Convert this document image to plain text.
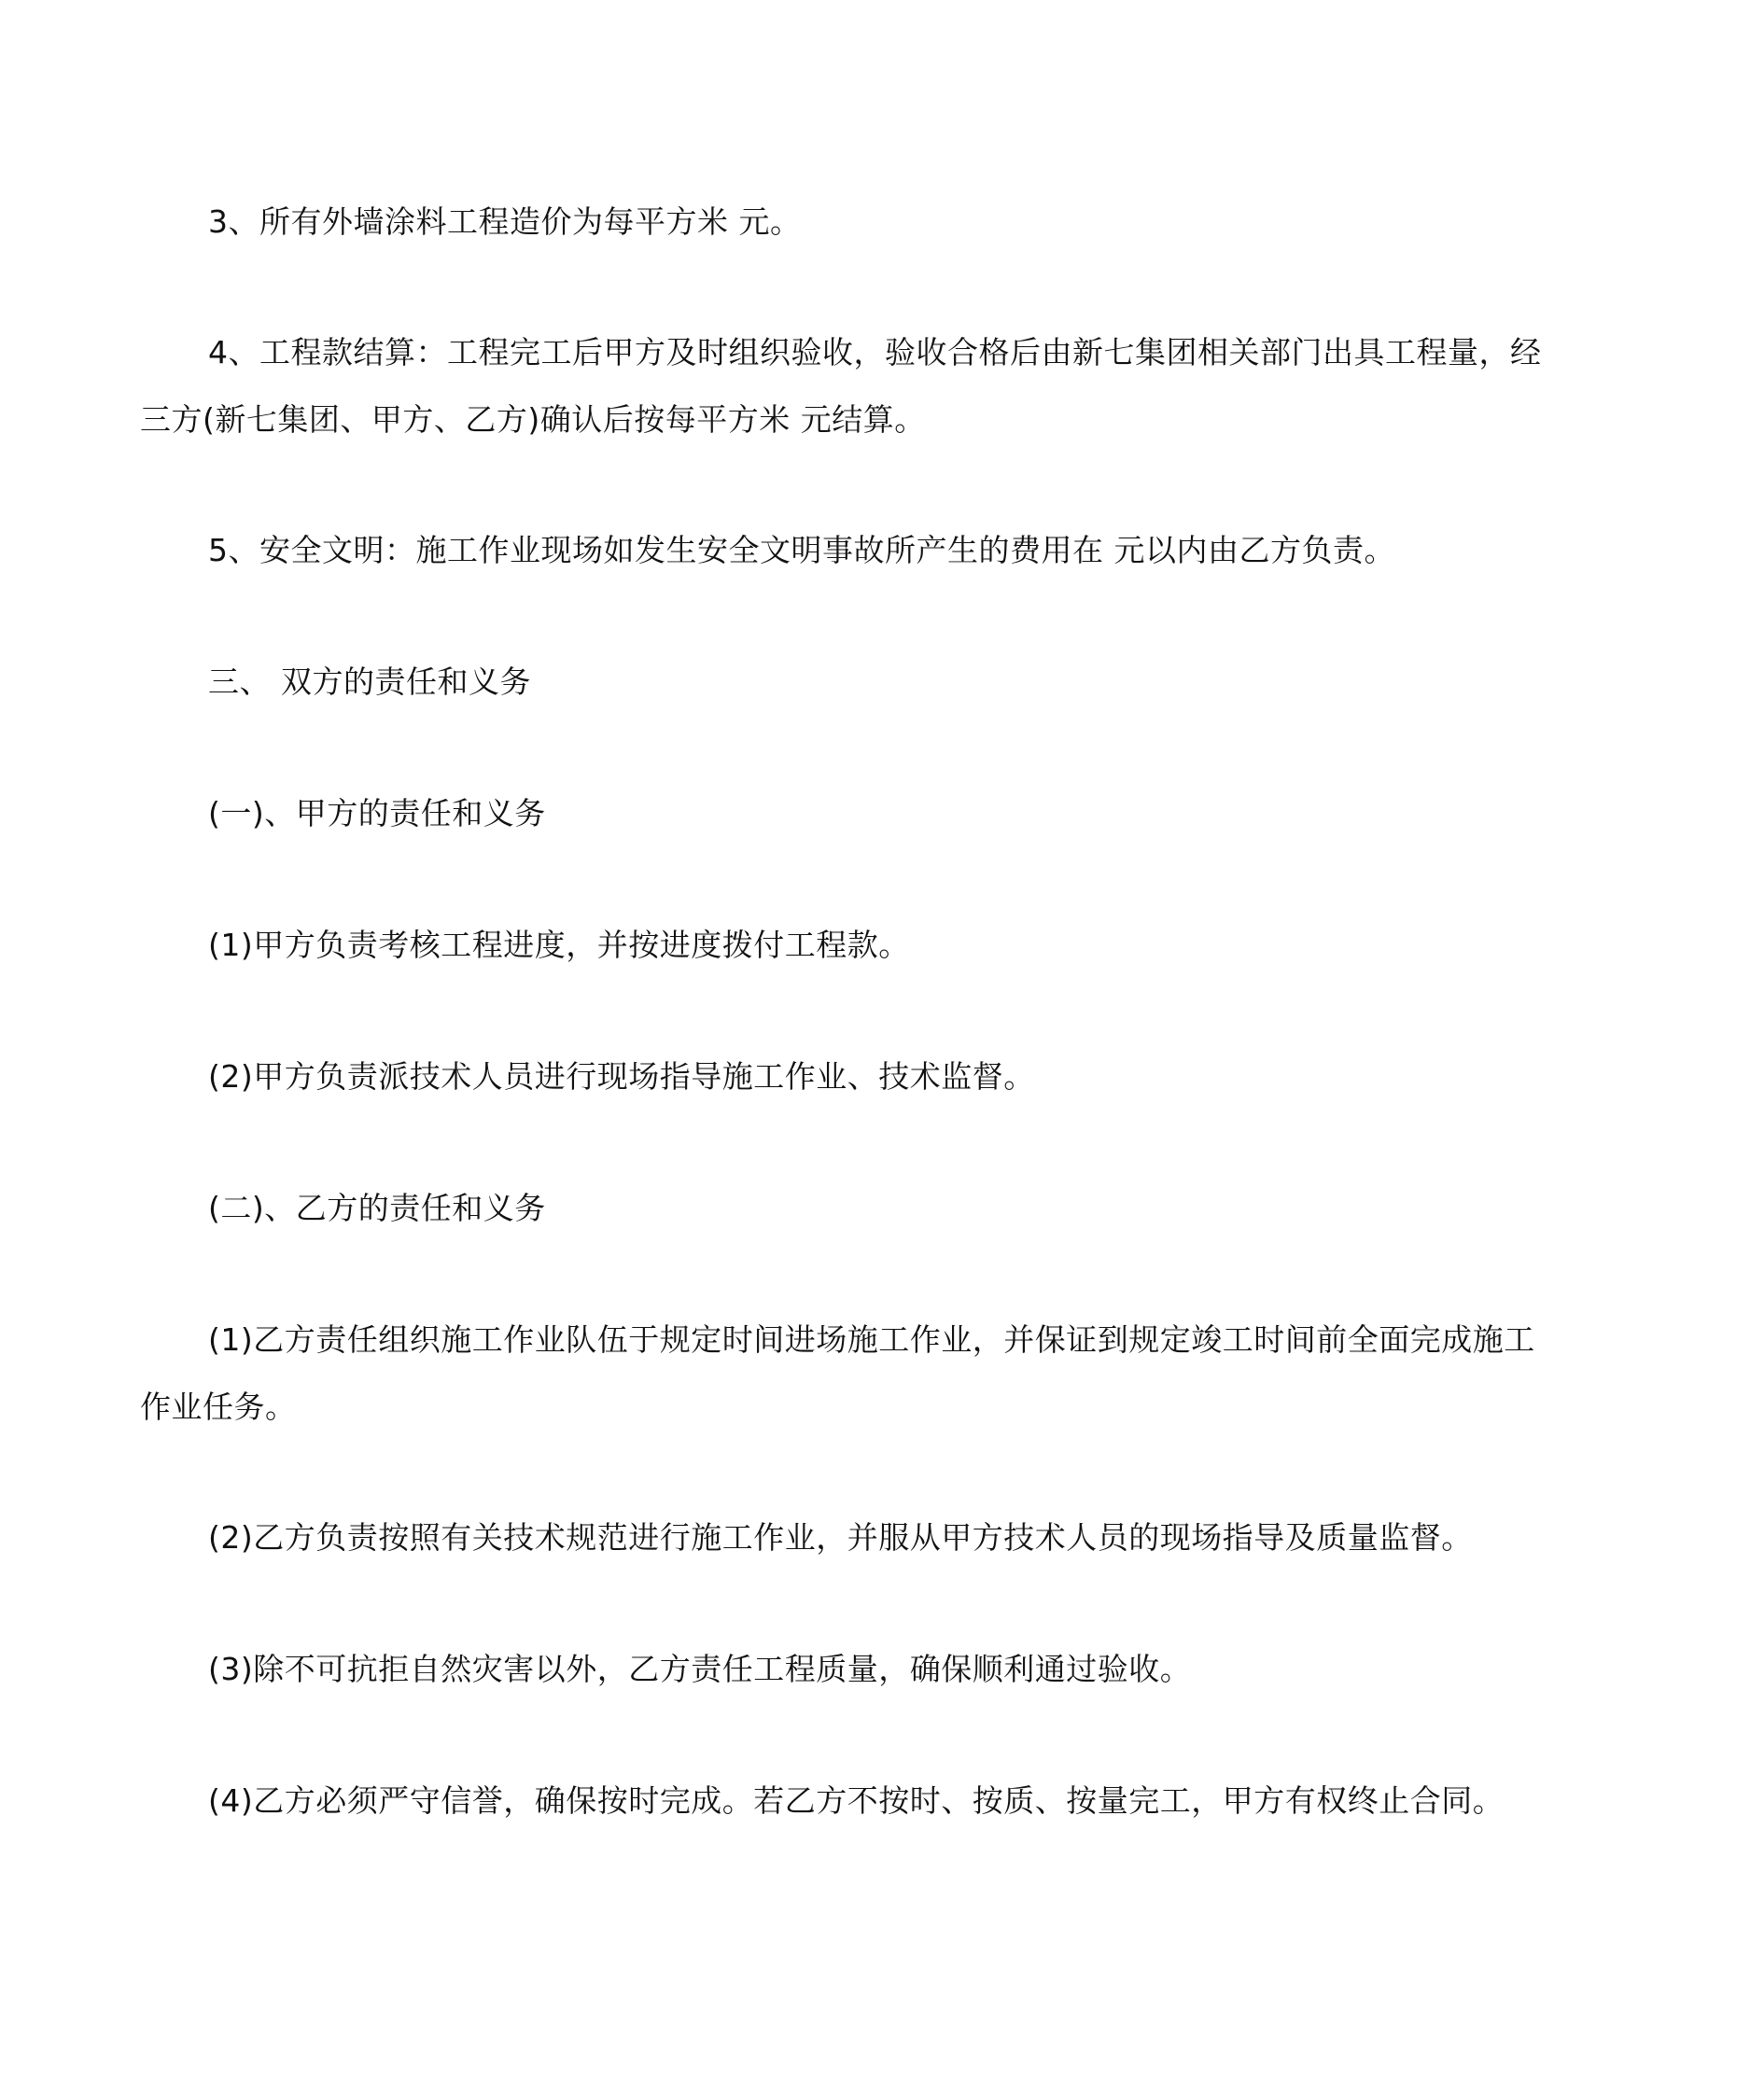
3、所有外墙涂料工程造价为每平方米 元。
4、工程款结算：工程完工后甲方及时组织验收，验收合格后由新七集团相关部门出具工程量，经
三方(新七集团、甲方、乙方)确认后按每平方米 元结算。
5、安全文明：施工作业现场如发生安全文明事故所产生的费用在 元以内由乙方负责。
三、 双方的责任和义务
(一)、甲方的责任和义务
(1)甲方负责考核工程进度，并按进度拨付工程款。
(2)甲方负责派技术人员进行现场指导施工作业、技术监督。
(二)、乙方的责任和义务
(1)乙方责任组织施工作业队伍于规定时间进场施工作业，并保证到规定竣工时间前全面完成施工
作业任务。
(2)乙方负责按照有关技术规范进行施工作业，并服从甲方技术人员的现场指导及质量监督。
(3)除不可抗拒自然灾害以外，乙方责任工程质量，确保顺利通过验收。
(4)乙方必须严守信誉，确保按时完成。若乙方不按时、按质、按量完工，甲方有权终止合同。
